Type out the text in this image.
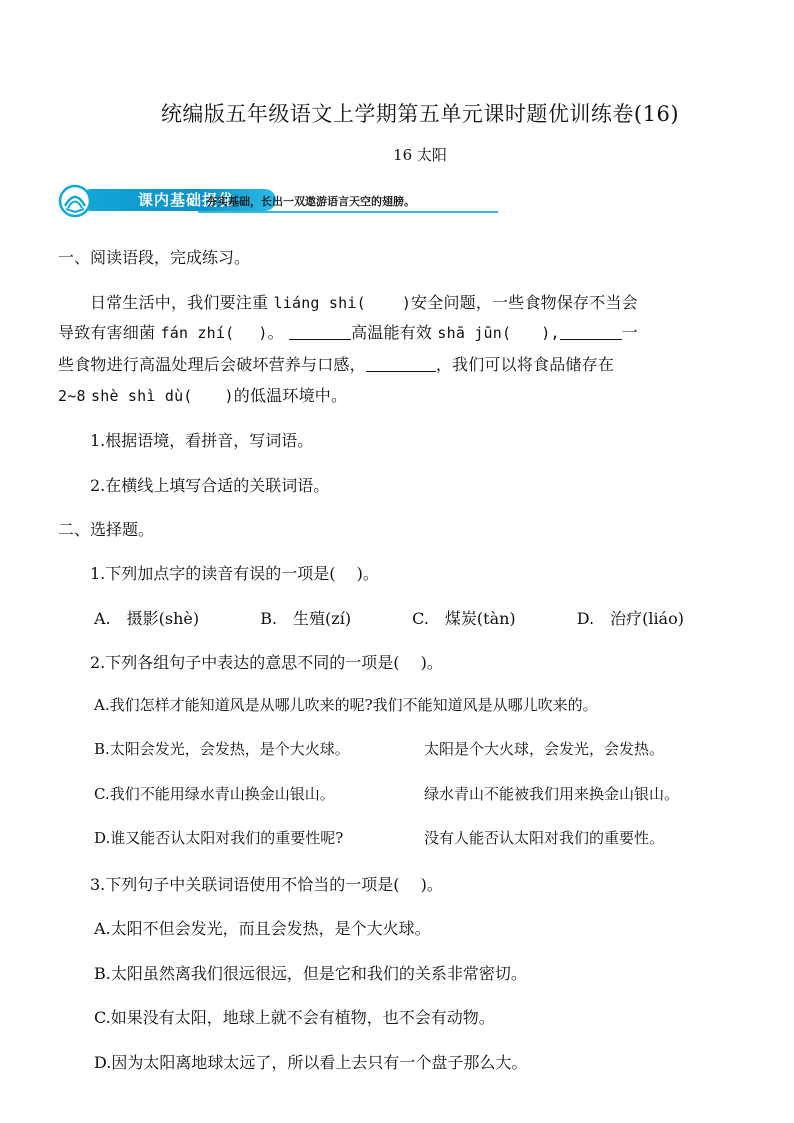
统编版五年级语文上学期第五单元课时题优训练卷(16)
16 太阳
课内基础提优
夯实基础，长出一双遨游语言天空的翅膀。
一、阅读语段，完成练习。
日常生活中，我们要注重 liáng shi( )安全问题，一些食物保存不当会
导致有害细菌 fán zhí( )。	高温能有效 shā jūn( ),	一
些食物进行高温处理后会破坏营养与口感，	，我们可以将食品储存在
2~8 shè shì dù( )的低温环境中。
1.根据语境，看拼音，写词语。
2.在横线上填写合适的关联词语。
二、选择题。
1.下列加点字的读音有误的一项是(　 )。
A.　摄影(shè)	B.　生殖(zí)	C.　煤炭(tàn)	D.　治疗(liáo)
2.下列各组句子中表达的意思不同的一项是(　 )。
A.我们怎样才能知道风是从哪儿吹来的呢?我们不能知道风是从哪儿吹来的。
B.太阳会发光，会发热，是个大火球。	太阳是个大火球，会发光，会发热。
C.我们不能用绿水青山换金山银山。	绿水青山不能被我们用来换金山银山。
D.谁又能否认太阳对我们的重要性呢?	没有人能否认太阳对我们的重要性。
3.下列句子中关联词语使用不恰当的一项是(　 )。
A.太阳不但会发光，而且会发热，是个大火球。
B.太阳虽然离我们很远很远，但是它和我们的关系非常密切。
C.如果没有太阳，地球上就不会有植物，也不会有动物。
D.因为太阳离地球太远了，所以看上去只有一个盘子那么大。
